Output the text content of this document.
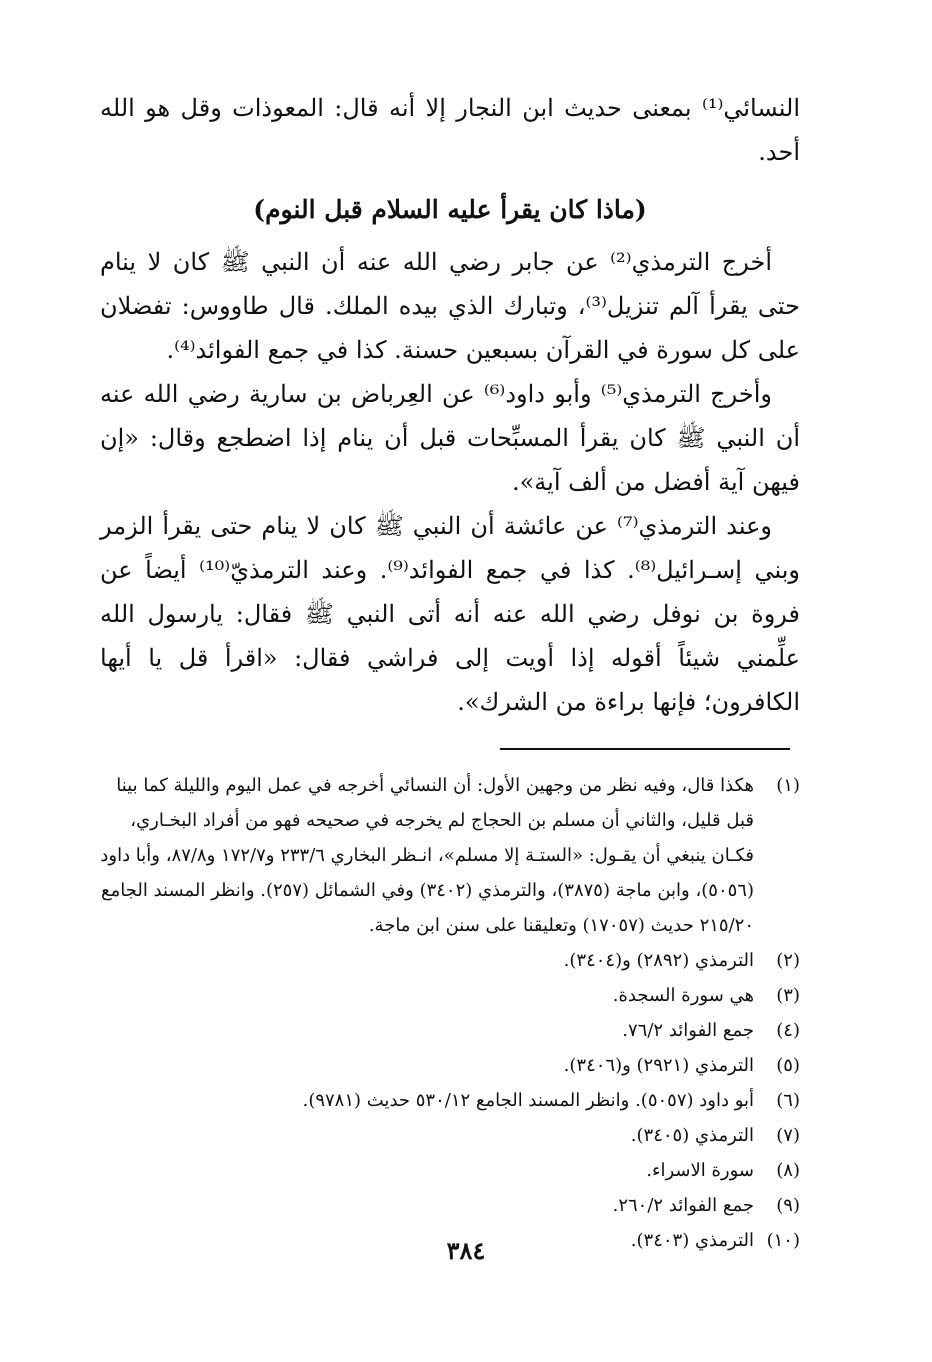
النسائي⁽¹⁾ بمعنى حديث ابن النجار إلا أنه قال: المعوذات وقل هو الله أحد.

(ماذا كان يقرأ عليه السلام قبل النوم)

أخرج الترمذي⁽²⁾ عن جابر رضي الله عنه أن النبي ﷺ كان لا ينام حتى يقرأ آلم تنزيل⁽³⁾، وتبارك الذي بيده الملك. قال طاووس: تفضلان على كل سورة في القرآن بسبعين حسنة. كذا في جمع الفوائد⁽⁴⁾.

وأخرج الترمذي⁽⁵⁾ وأبو داود⁽⁶⁾ عن العِرباض بن سارية رضي الله عنه أن النبي ﷺ كان يقرأ المسبِّحات قبل أن ينام إذا اضطجع وقال: «إن فيهن آية أفضل من ألف آية».

وعند الترمذي⁽⁷⁾ عن عائشة أن النبي ﷺ كان لا ينام حتى يقرأ الزمر وبني إسـرائيل⁽⁸⁾. كذا في جمع الفوائد⁽⁹⁾. وعند الترمذيّ⁽¹⁰⁾ أيضاً عن فروة بن نوفل رضي الله عنه أنه أتى النبي ﷺ فقال: يارسول الله علِّمني شيئاً أقوله إذا أويت إلى فراشي فقال: «اقرأ قل يا أيها الكافرون؛ فإنها براءة من الشرك».

(١)
هكذا قال، وفيه نظر من وجهين الأول: أن النسائي أخرجه في عمل اليوم والليلة كما بينا قبل قليل، والثاني أن مسلم بن الحجاج لم يخرجه في صحيحه فهو من أفراد البخـاري، فكـان ينبغي أن يقـول: «الستـة إلا مسلم»، انـظر البخاري ٢٣٣/٦ و١٧٢/٧ و٨٧/٨، وأبا داود (٥٠٥٦)، وابن ماجة (٣٨٧٥)، والترمذي (٣٤٠٢) وفي الشمائل (٢٥٧). وانظر المسند الجامع ٢١٥/٢٠ حديث (١٧٠٥٧) وتعليقنا على سنن ابن ماجة.
(٢)
الترمذي (٢٨٩٢) و(٣٤٠٤).
(٣)
هي سورة السجدة.
(٤)
جمع الفوائد ٧٦/٢.
(٥)
الترمذي (٢٩٢١) و(٣٤٠٦).
(٦)
أبو داود (٥٠٥٧). وانظر المسند الجامع ٥٣٠/١٢ حديث (٩٧٨١).
(٧)
الترمذي (٣٤٠٥).
(٨)
سورة الاسراء.
(٩)
جمع الفوائد ٢٦٠/٢.
(١٠)
الترمذي (٣٤٠٣).
٣٨٤
